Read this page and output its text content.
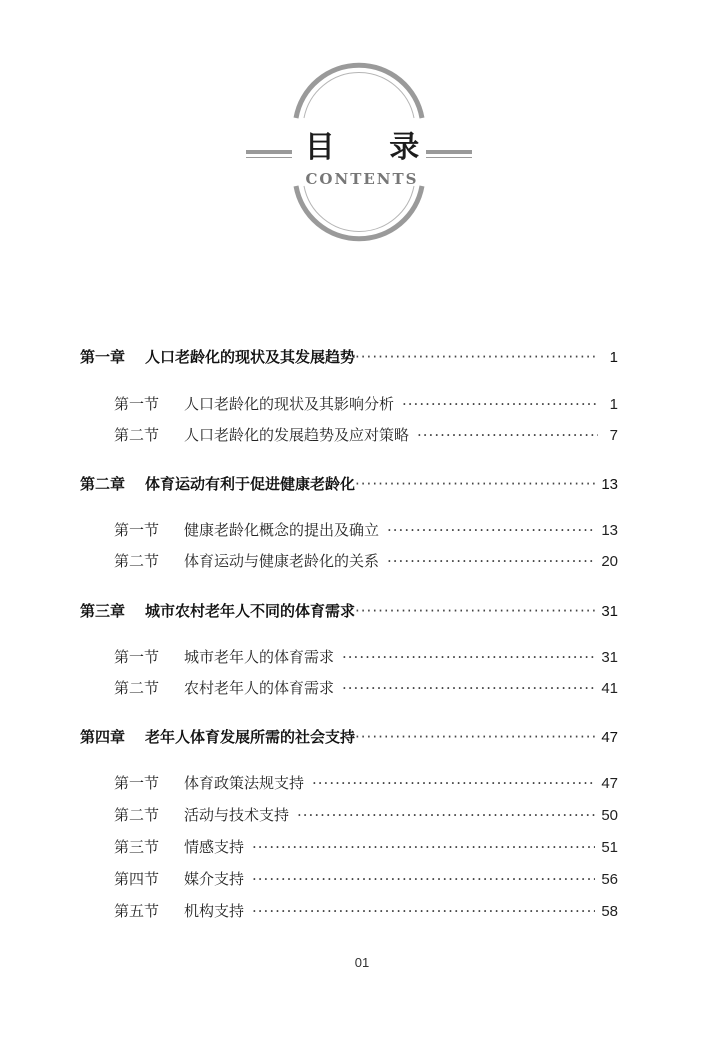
目 录
CONTENTS
第一章	人口老龄化的现状及其发展趋势 ·····	1
第一节	人口老龄化的现状及其影响分析 ·····	1
第二节	人口老龄化的发展趋势及应对策略 ·····	7
第二章	体育运动有利于促进健康老龄化 ·····	13
第一节	健康老龄化概念的提出及确立 ·····	13
第二节	体育运动与健康老龄化的关系 ·····	20
第三章	城市农村老年人不同的体育需求 ·····	31
第一节	城市老年人的体育需求 ·····	31
第二节	农村老年人的体育需求 ·····	41
第四章	老年人体育发展所需的社会支持 ·····	47
第一节	体育政策法规支持 ·····	47
第二节	活动与技术支持 ·····	50
第三节	情感支持 ·····	51
第四节	媒介支持 ·····	56
第五节	机构支持 ·····	58
01
